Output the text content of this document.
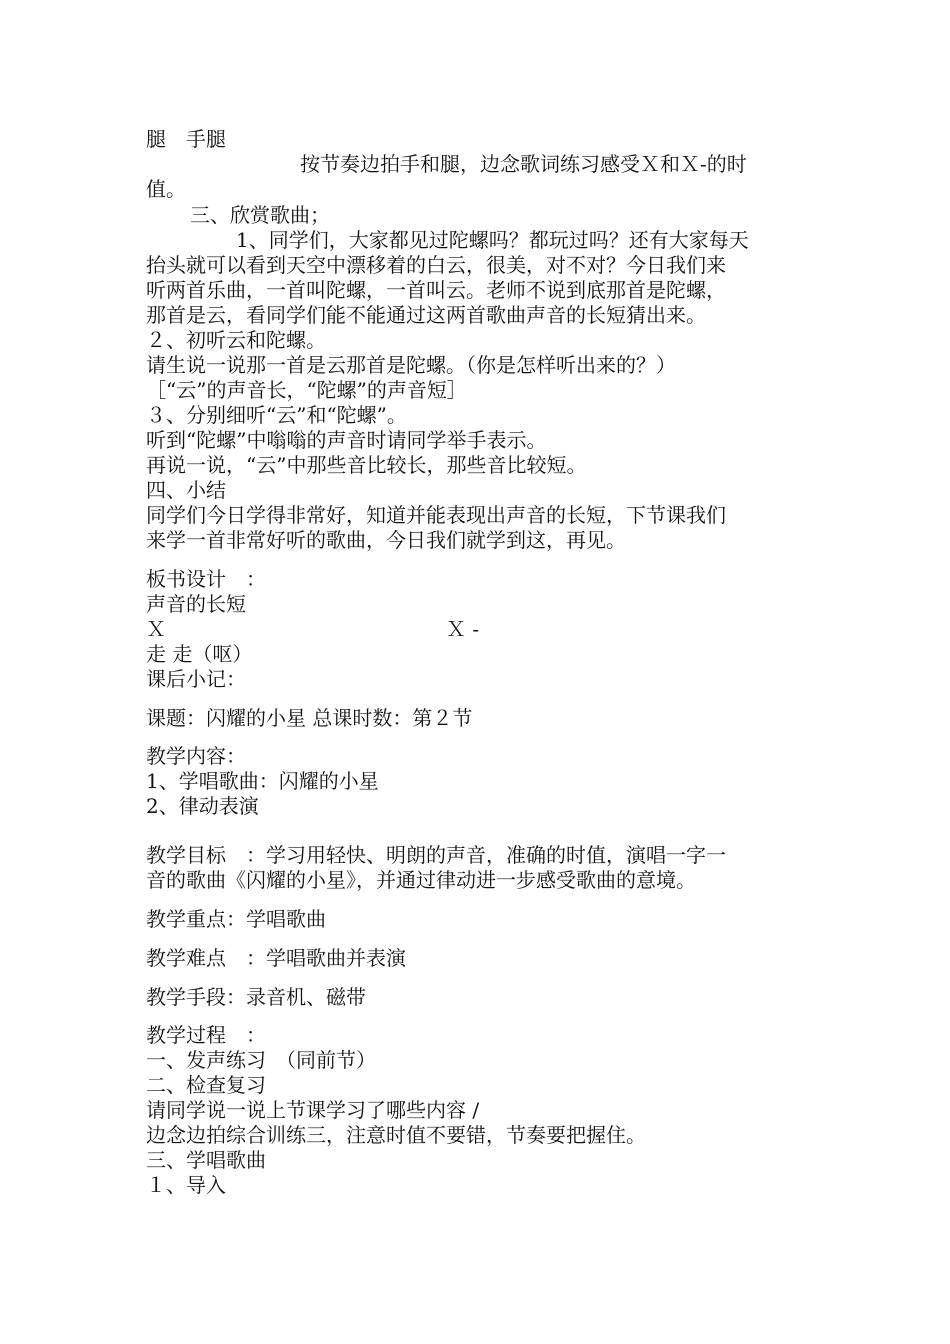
腿　手腿

按节奏边拍手和腿，边念歌词练习感受Ｘ和Ｘ-的时

值。

三、欣赏歌曲；

1、同学们，大家都见过陀螺吗？都玩过吗？还有大家每天

抬头就可以看到天空中漂移着的白云，很美，对不对？今日我们来

听两首乐曲，一首叫陀螺，一首叫云。老师不说到底那首是陀螺，

那首是云，看同学们能不能通过这两首歌曲声音的长短猜出来。

２、初听云和陀螺。

请生说一说那一首是云那首是陀螺。（你是怎样听出来的？）

［“云”的声音长，“陀螺”的声音短］

３、分别细听“云”和“陀螺”。

听到“陀螺”中嗡嗡的声音时请同学举手表示。

再说一说，“云”中那些音比较长，那些音比较短。

四、小结

同学们今日学得非常好，知道并能表现出声音的长短，下节课我们

来学一首非常好听的歌曲，今日我们就学到这，再见。

板书设计　：

声音的长短

Ｘ	Ｘ -

走 走（呕）

课后小记：

课题：闪耀的小星 总课时数：第２节

教学内容：

1、学唱歌曲：闪耀的小星

2、律动表演

教学目标　：学习用轻快、明朗的声音，准确的时值，演唱一字一

音的歌曲《闪耀的小星》，并通过律动进一步感受歌曲的意境。

教学重点：学唱歌曲

教学难点　：学唱歌曲并表演

教学手段：录音机、磁带

教学过程　：

一、发声练习　（同前节）

二、检查复习

请同学说一说上节课学习了哪些内容 /

边念边拍综合训练三，注意时值不要错，节奏要把握住。

三、学唱歌曲

１、导入
